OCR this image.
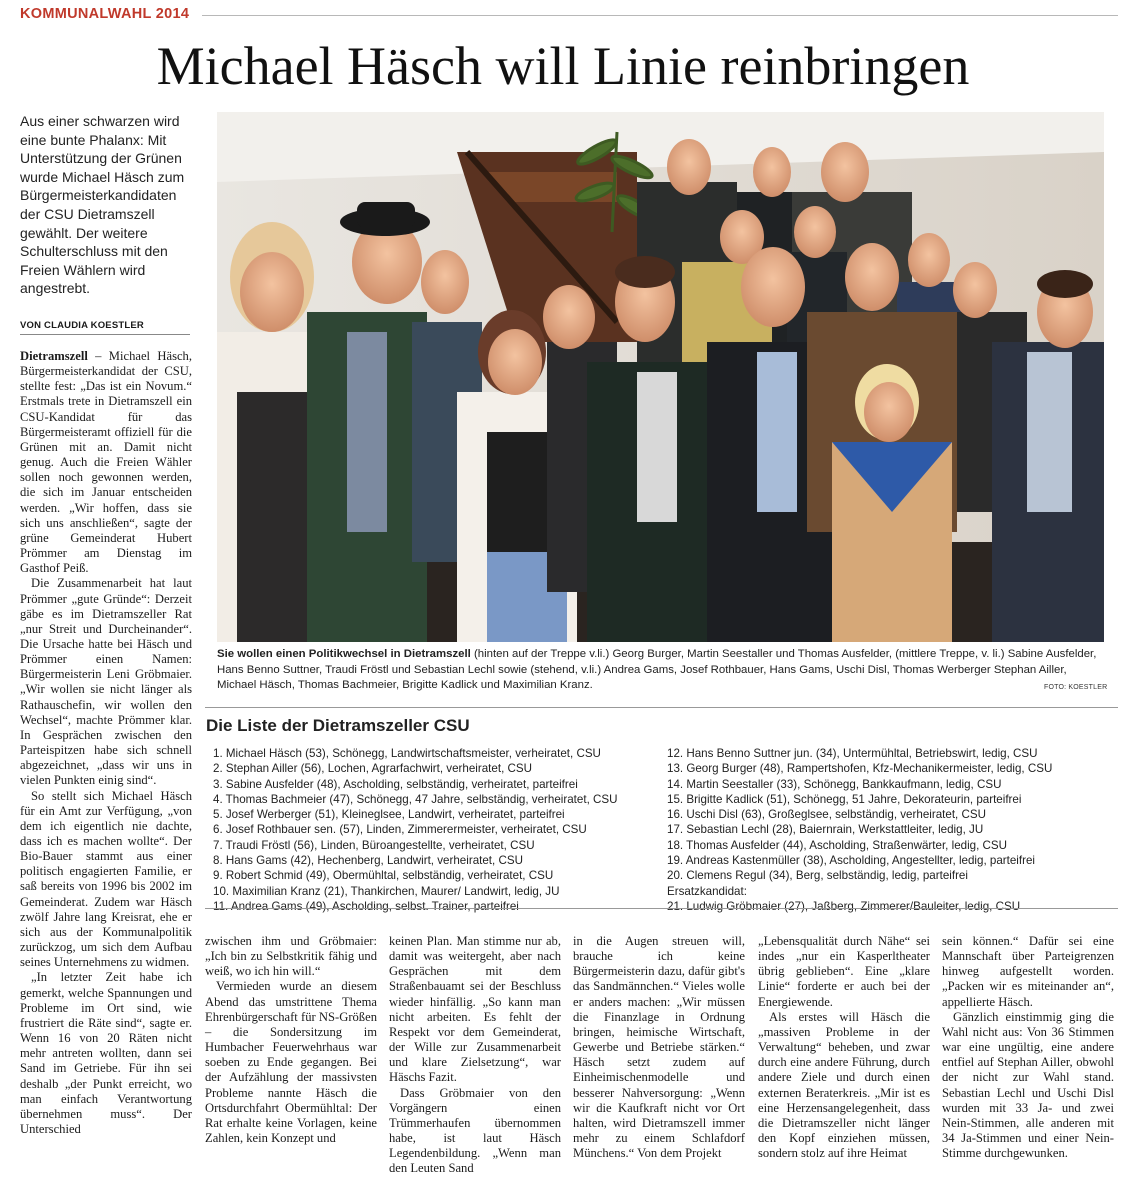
KOMMUNALWAHL 2014
Michael Häsch will Linie reinbringen
Aus einer schwarzen wird eine bunte Phalanx: Mit Unterstützung der Grünen wurde Michael Häsch zum Bürgermeisterkandidaten der CSU Dietramszell gewählt. Der weitere Schulterschluss mit den Freien Wählern wird angestrebt.
VON CLAUDIA KOESTLER

Dietramszell – Michael Häsch, Bürgermeisterkandidat der CSU, stellte fest: „Das ist ein Novum.“ Erstmals trete in Dietramszell ein CSU-Kandidat für das Bürgermeisteramt offiziell für die Grünen mit an. Damit nicht genug. Auch die Freien Wähler sollen noch gewonnen werden, die sich im Januar entscheiden werden. „Wir hoffen, dass sie sich uns anschließen“, sagte der grüne Gemeinderat Hubert Prömmer am Dienstag im Gasthof Peiß.

Die Zusammenarbeit hat laut Prömmer „gute Gründe“: Derzeit gäbe es im Dietramszeller Rat „nur Streit und Durcheinander“. Die Ursache hatte bei Häsch und Prömmer einen Namen: Bürgermeisterin Leni Gröbmaier. „Wir wollen sie nicht länger als Rathauschefin, wir wollen den Wechsel“, machte Prömmer klar. In Gesprächen zwischen den Parteispitzen habe sich schnell abgezeichnet, „dass wir uns in vielen Punkten einig sind“.

So stellt sich Michael Häsch für ein Amt zur Verfügung, „von dem ich eigentlich nie dachte, dass ich es machen wollte“. Der Bio-Bauer stammt aus einer politisch engagierten Familie, er saß bereits von 1996 bis 2002 im Gemeinderat. Zudem war Häsch zwölf Jahre lang Kreisrat, ehe er sich aus der Kommunalpolitik zurückzog, um sich dem Aufbau seines Unternehmens zu widmen.

„In letzter Zeit habe ich gemerkt, welche Spannungen und Probleme im Ort sind, wie frustriert die Räte sind“, sagte er. Wenn 16 von 20 Räten nicht mehr antreten wollten, dann sei Sand im Getriebe. Für ihn sei deshalb „der Punkt erreicht, wo man einfach Verantwortung übernehmen muss“. Der Unterschied

Sie wollen einen Politikwechsel in Dietramszell (hinten auf der Treppe v.li.) Georg Burger, Martin Seestaller und Thomas Ausfelder, (mittlere Treppe, v. li.) Sabine Ausfelder, Hans Benno Suttner, Traudi Fröstl und Sebastian Lechl sowie (stehend, v.li.) Andrea Gams, Josef Rothbauer, Hans Gams, Uschi Disl, Thomas Werberger Stephan Ailler, Michael Häsch, Thomas Bachmeier, Brigitte Kadlick und Maximilian Kranz.	FOTO: KOESTLER
Die Liste der Dietramszeller CSU
1. Michael Häsch (53), Schönegg, Landwirtschaftsmeister, verheiratet, CSU
2. Stephan Ailler (56), Lochen, Agrarfachwirt, verheiratet, CSU
3. Sabine Ausfelder (48), Ascholding, selbständig, verheiratet, parteifrei
4. Thomas Bachmeier (47), Schönegg, 47 Jahre, selbständig, verheiratet, CSU
5. Josef Werberger (51), Kleineglsee, Landwirt, verheiratet, parteifrei
6. Josef Rothbauer sen. (57), Linden, Zimmerermeister, verheiratet, CSU
7. Traudi Fröstl (56), Linden, Büroangestellte, verheiratet, CSU
8. Hans Gams (42), Hechenberg, Landwirt, verheiratet, CSU
9. Robert Schmid (49), Obermühltal, selbständig, verheiratet, CSU
10. Maximilian Kranz (21), Thankirchen, Maurer/ Landwirt, ledig, JU
11. Andrea Gams (49), Ascholding, selbst. Trainer, parteifrei
12. Hans Benno Suttner jun. (34), Untermühltal, Betriebswirt, ledig, CSU
13. Georg Burger (48), Rampertshofen, Kfz-Mechanikermeister, ledig, CSU
14. Martin Seestaller (33), Schönegg, Bankkaufmann, ledig, CSU
15. Brigitte Kadlick (51), Schönegg, 51 Jahre, Dekorateurin, parteifrei
16. Uschi Disl (63), Großeglsee, selbständig, verheiratet, CSU
17. Sebastian Lechl (28), Baiernrain, Werkstattleiter, ledig, JU
18. Thomas Ausfelder (44), Ascholding, Straßenwärter, ledig, CSU
19. Andreas Kastenmüller (38), Ascholding, Angestellter, ledig, parteifrei
20. Clemens Regul (34), Berg, selbständig, ledig, parteifrei
Ersatzkandidat:
21. Ludwig Gröbmaier (27), Jaßberg, Zimmerer/Bauleiter, ledig, CSU

zwischen ihm und Gröbmaier: „Ich bin zu Selbstkritik fähig und weiß, wo ich hin will.“

Vermieden wurde an diesem Abend das umstrittene Thema Ehrenbürgerschaft für NS-Größen – die Sondersitzung im Humbacher Feuerwehrhaus war soeben zu Ende gegangen. Bei der Aufzählung der massivsten Probleme nannte Häsch die Ortsdurchfahrt Obermühltal: Der Rat erhalte keine Vorlagen, keine Zahlen, kein Konzept und

keinen Plan. Man stimme nur ab, damit was weitergeht, aber nach Gesprächen mit dem Straßenbauamt sei der Beschluss wieder hinfällig. „So kann man nicht arbeiten. Es fehlt der Respekt vor dem Gemeinderat, der Wille zur Zusammenarbeit und klare Zielsetzung“, war Häschs Fazit.

Dass Gröbmaier von den Vorgängern einen Trümmerhaufen übernommen habe, ist laut Häsch Legendenbildung. „Wenn man den Leuten Sand

in die Augen streuen will, brauche ich keine Bürgermeisterin dazu, dafür gibt's das Sandmännchen.“ Vieles wolle er anders machen: „Wir müssen die Finanzlage in Ordnung bringen, heimische Wirtschaft, Gewerbe und Betriebe stärken.“ Häsch setzt zudem auf Einheimischenmodelle und besserer Nahversorgung: „Wenn wir die Kaufkraft nicht vor Ort halten, wird Dietramszell immer mehr zu einem Schlafdorf Münchens.“ Von dem Projekt

„Lebensqualität durch Nähe“ sei indes „nur ein Kasperltheater übrig geblieben“. Eine „klare Linie“ forderte er auch bei der Energiewende.

Als erstes will Häsch die „massiven Probleme in der Verwaltung“ beheben, und zwar durch eine andere Führung, durch andere Ziele und durch einen externen Beraterkreis. „Mir ist es eine Herzensangelegenheit, dass die Dietramszeller nicht länger den Kopf einziehen müssen, sondern stolz auf ihre Heimat

sein können.“ Dafür sei eine Mannschaft über Parteigrenzen hinweg aufgestellt worden. „Packen wir es miteinander an“, appellierte Häsch.

Gänzlich einstimmig ging die Wahl nicht aus: Von 36 Stimmen war eine ungültig, eine andere entfiel auf Stephan Ailler, obwohl der nicht zur Wahl stand. Sebastian Lechl und Uschi Disl wurden mit 33 Ja- und zwei Nein-Stimmen, alle anderen mit 34 Ja-Stimmen und einer Nein-Stimme durchgewunken.
